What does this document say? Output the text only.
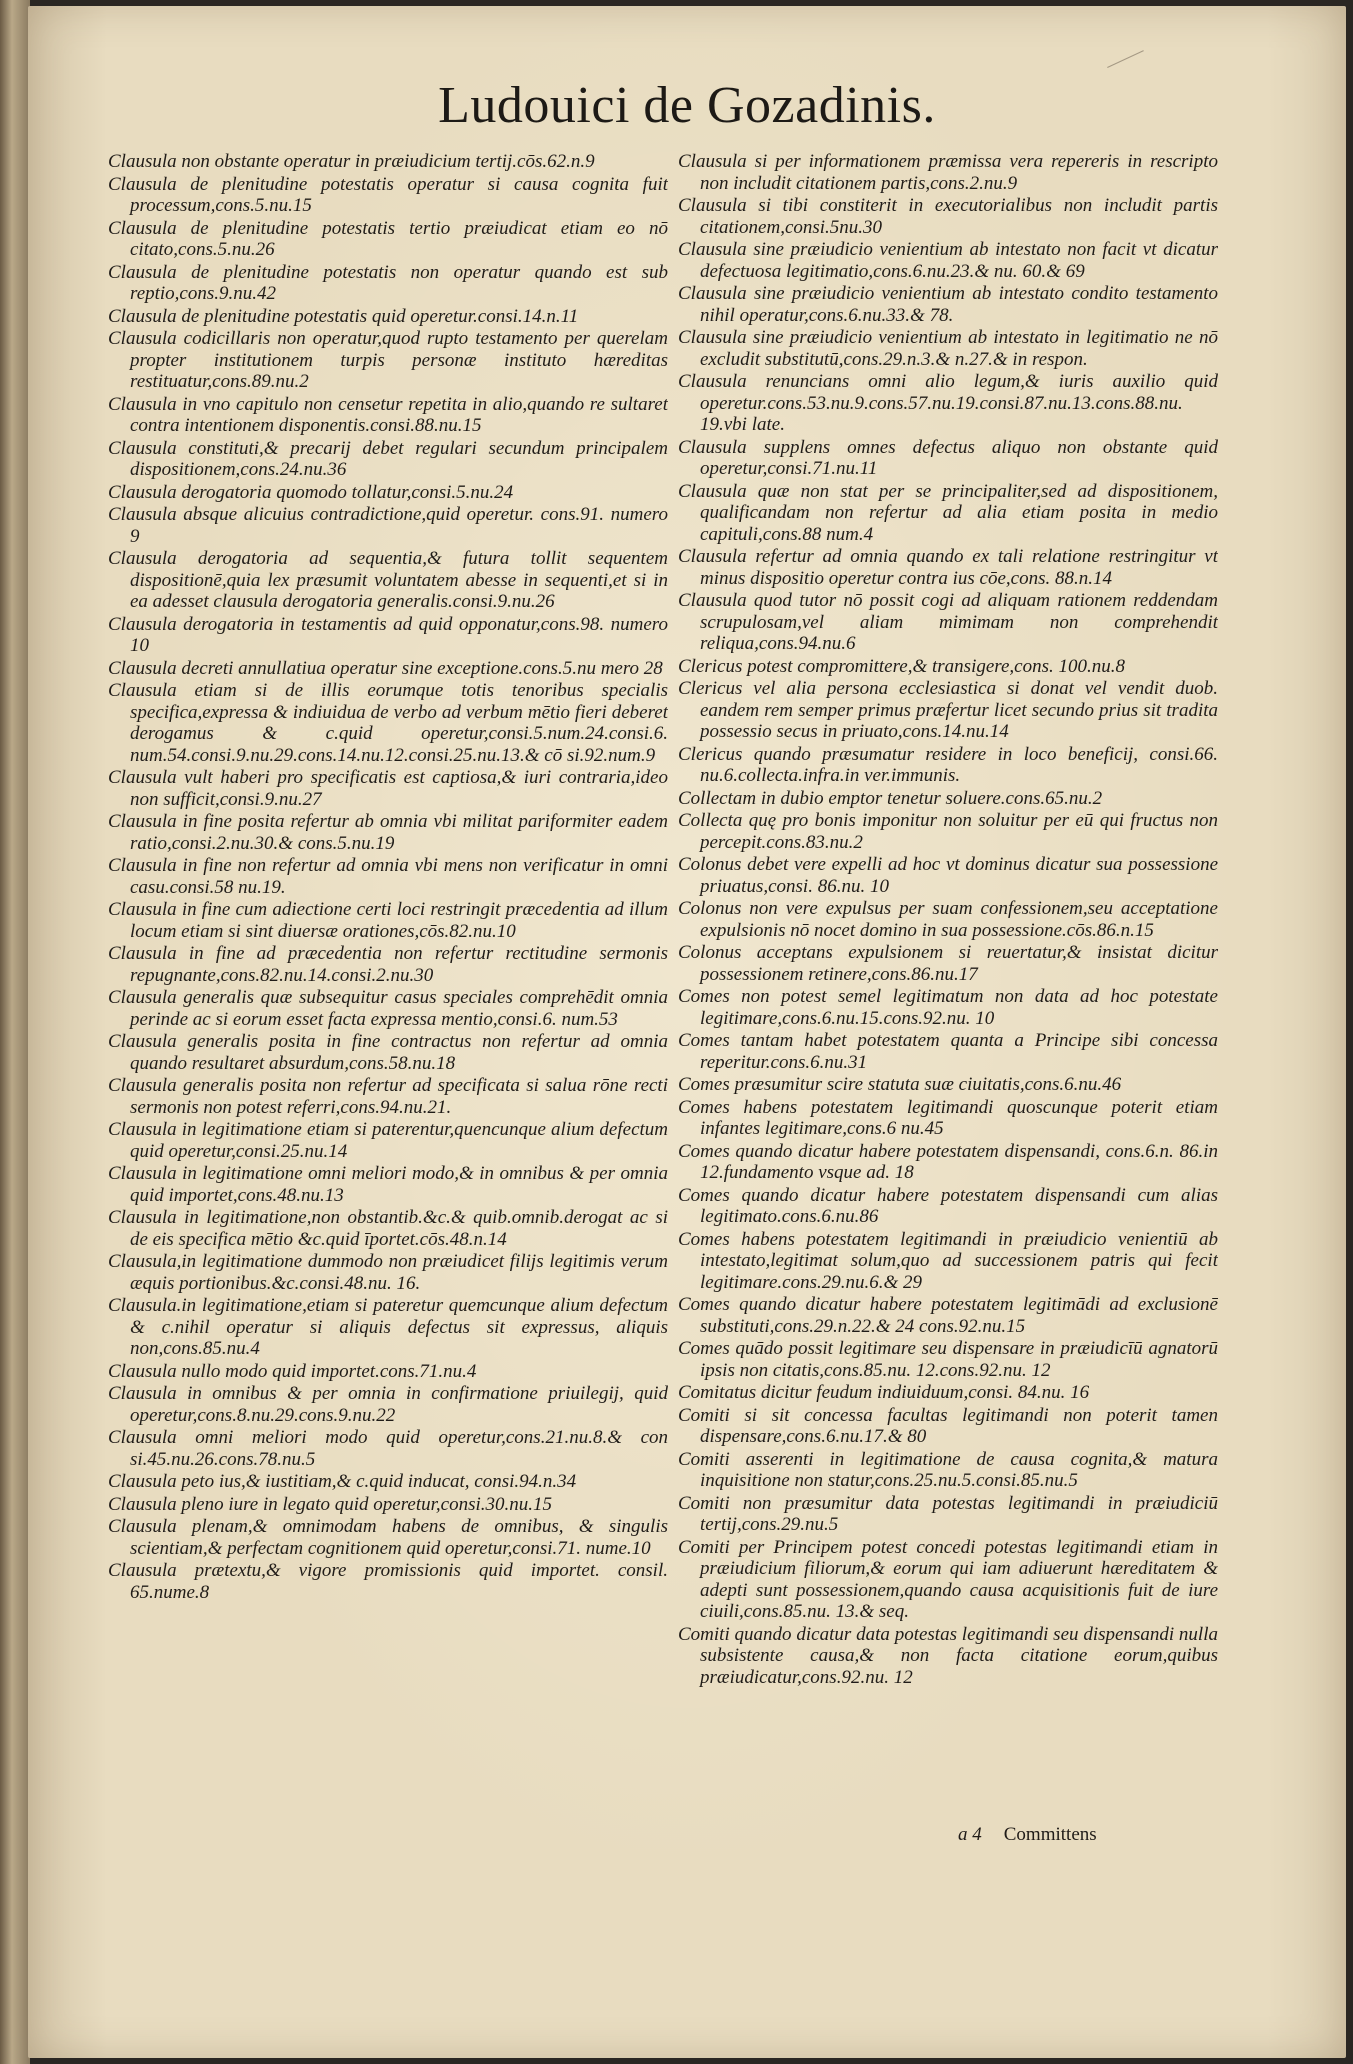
Ludouici de Gozadinis.

Clausula non obstante operatur in præiudicium tertij.cōs.62.n.9

Clausula de plenitudine potestatis operatur si causa cognita fuit processum,cons.5.nu.15

Clausula de plenitudine potestatis tertio præiudicat etiam eo nō citato,cons.5.nu.26

Clausula de plenitudine potestatis non operatur quando est sub reptio,cons.9.nu.42

Clausula de plenitudine potestatis quid operetur.consi.14.n.11

Clausula codicillaris non operatur,quod rupto testamento per querelam propter institutionem turpis personæ instituto hæreditas restituatur,cons.89.nu.2

Clausula in vno capitulo non censetur repetita in alio,quando re sultaret contra intentionem disponentis.consi.88.nu.15

Clausula constituti,& precarij debet regulari secundum principalem dispositionem,cons.24.nu.36

Clausula derogatoria quomodo tollatur,consi.5.nu.24

Clausula absque alicuius contradictione,quid operetur. cons.91. numero 9

Clausula derogatoria ad sequentia,& futura tollit sequentem dispositionē,quia lex præsumit voluntatem abesse in sequenti,et si in ea adesset clausula derogatoria generalis.consi.9.nu.26

Clausula derogatoria in testamentis ad quid opponatur,cons.98. numero 10

Clausula decreti annullatiua operatur sine exceptione.cons.5.nu mero 28

Clausula etiam si de illis eorumque totis tenoribus specialis specifica,expressa & indiuidua de verbo ad verbum mētio fieri deberet derogamus & c.quid operetur,consi.5.num.24.consi.6. num.54.consi.9.nu.29.cons.14.nu.12.consi.25.nu.13.& cō si.92.num.9

Clausula vult haberi pro specificatis est captiosa,& iuri contraria,ideo non sufficit,consi.9.nu.27

Clausula in fine posita refertur ab omnia vbi militat pariformiter eadem ratio,consi.2.nu.30.& cons.5.nu.19

Clausula in fine non refertur ad omnia vbi mens non verificatur in omni casu.consi.58 nu.19.

Clausula in fine cum adiectione certi loci restringit præcedentia ad illum locum etiam si sint diuersæ orationes,cōs.82.nu.10

Clausula in fine ad præcedentia non refertur rectitudine sermonis repugnante,cons.82.nu.14.consi.2.nu.30

Clausula generalis quæ subsequitur casus speciales comprehēdit omnia perinde ac si eorum esset facta expressa mentio,consi.6. num.53

Clausula generalis posita in fine contractus non refertur ad omnia quando resultaret absurdum,cons.58.nu.18

Clausula generalis posita non refertur ad specificata si salua rōne recti sermonis non potest referri,cons.94.nu.21.

Clausula in legitimatione etiam si paterentur,quencunque alium defectum quid operetur,consi.25.nu.14

Clausula in legitimatione omni meliori modo,& in omnibus & per omnia quid importet,cons.48.nu.13

Clausula in legitimatione,non obstantib.&c.& quib.omnib.derogat ac si de eis specifica mētio &c.quid īportet.cōs.48.n.14

Clausula,in legitimatione dummodo non præiudicet filijs legitimis verum æquis portionibus.&c.consi.48.nu. 16.

Clausula.in legitimatione,etiam si pateretur quemcunque alium defectum & c.nihil operatur si aliquis defectus sit expressus, aliquis non,cons.85.nu.4

Clausula nullo modo quid importet.cons.71.nu.4

Clausula in omnibus & per omnia in confirmatione priuilegij, quid operetur,cons.8.nu.29.cons.9.nu.22

Clausula omni meliori modo quid operetur,cons.21.nu.8.& con si.45.nu.26.cons.78.nu.5

Clausula peto ius,& iustitiam,& c.quid inducat, consi.94.n.34

Clausula pleno iure in legato quid operetur,consi.30.nu.15

Clausula plenam,& omnimodam habens de omnibus, & singulis scientiam,& perfectam cognitionem quid operetur,consi.71. nume.10

Clausula prætextu,& vigore promissionis quid importet. consil. 65.nume.8

Clausula si per informationem præmissa vera repereris in rescripto non includit citationem partis,cons.2.nu.9

Clausula si tibi constiterit in executorialibus non includit partis citationem,consi.5nu.30

Clausula sine præiudicio venientium ab intestato non facit vt dicatur defectuosa legitimatio,cons.6.nu.23.& nu. 60.& 69

Clausula sine præiudicio venientium ab intestato condito testamento nihil operatur,cons.6.nu.33.& 78.

Clausula sine præiudicio venientium ab intestato in legitimatio ne nō excludit substitutū,cons.29.n.3.& n.27.& in respon.

Clausula renuncians omni alio legum,& iuris auxilio quid operetur.cons.53.nu.9.cons.57.nu.19.consi.87.nu.13.cons.88.nu. 19.vbi late.

Clausula supplens omnes defectus aliquo non obstante quid operetur,consi.71.nu.11

Clausula quæ non stat per se principaliter,sed ad dispositionem, qualificandam non refertur ad alia etiam posita in medio capituli,cons.88 num.4

Clausula refertur ad omnia quando ex tali relatione restringitur vt minus dispositio operetur contra ius cōe,cons. 88.n.14

Clausula quod tutor nō possit cogi ad aliquam rationem reddendam scrupulosam,vel aliam mimimam non comprehendit reliqua,cons.94.nu.6

Clericus potest compromittere,& transigere,cons. 100.nu.8

Clericus vel alia persona ecclesiastica si donat vel vendit duob. eandem rem semper primus præfertur licet secundo prius sit tradita possessio secus in priuato,cons.14.nu.14

Clericus quando præsumatur residere in loco beneficij, consi.66. nu.6.collecta.infra.in ver.immunis.

Collectam in dubio emptor tenetur soluere.cons.65.nu.2

Collecta quę pro bonis imponitur non soluitur per eū qui fructus non percepit.cons.83.nu.2

Colonus debet vere expelli ad hoc vt dominus dicatur sua possessione priuatus,consi. 86.nu. 10

Colonus non vere expulsus per suam confessionem,seu acceptatione expulsionis nō nocet domino in sua possessione.cōs.86.n.15

Colonus acceptans expulsionem si reuertatur,& insistat dicitur possessionem retinere,cons.86.nu.17

Comes non potest semel legitimatum non data ad hoc potestate legitimare,cons.6.nu.15.cons.92.nu. 10

Comes tantam habet potestatem quanta a Principe sibi concessa reperitur.cons.6.nu.31

Comes præsumitur scire statuta suæ ciuitatis,cons.6.nu.46

Comes habens potestatem legitimandi quoscunque poterit etiam infantes legitimare,cons.6 nu.45

Comes quando dicatur habere potestatem dispensandi, cons.6.n. 86.in 12.fundamento vsque ad. 18

Comes quando dicatur habere potestatem dispensandi cum alias legitimato.cons.6.nu.86

Comes habens potestatem legitimandi in præiudicio venientiū ab intestato,legitimat solum,quo ad successionem patris qui fecit legitimare.cons.29.nu.6.& 29

Comes quando dicatur habere potestatem legitimādi ad exclusionē substituti,cons.29.n.22.& 24 cons.92.nu.15

Comes quādo possit legitimare seu dispensare in præiudicīū agnatorū ipsis non citatis,cons.85.nu. 12.cons.92.nu. 12

Comitatus dicitur feudum indiuiduum,consi. 84.nu. 16

Comiti si sit concessa facultas legitimandi non poterit tamen dispensare,cons.6.nu.17.& 80

Comiti asserenti in legitimatione de causa cognita,& matura inquisitione non statur,cons.25.nu.5.consi.85.nu.5

Comiti non præsumitur data potestas legitimandi in præiudiciū tertij,cons.29.nu.5

Comiti per Principem potest concedi potestas legitimandi etiam in præiudicium filiorum,& eorum qui iam adiuerunt hæreditatem & adepti sunt possessionem,quando causa acquisitionis fuit de iure ciuili,cons.85.nu. 13.& seq.

Comiti quando dicatur data potestas legitimandi seu dispensandi nulla subsistente causa,& non facta citatione eorum,quibus præiudicatur,cons.92.nu. 12

a 4 Committens
